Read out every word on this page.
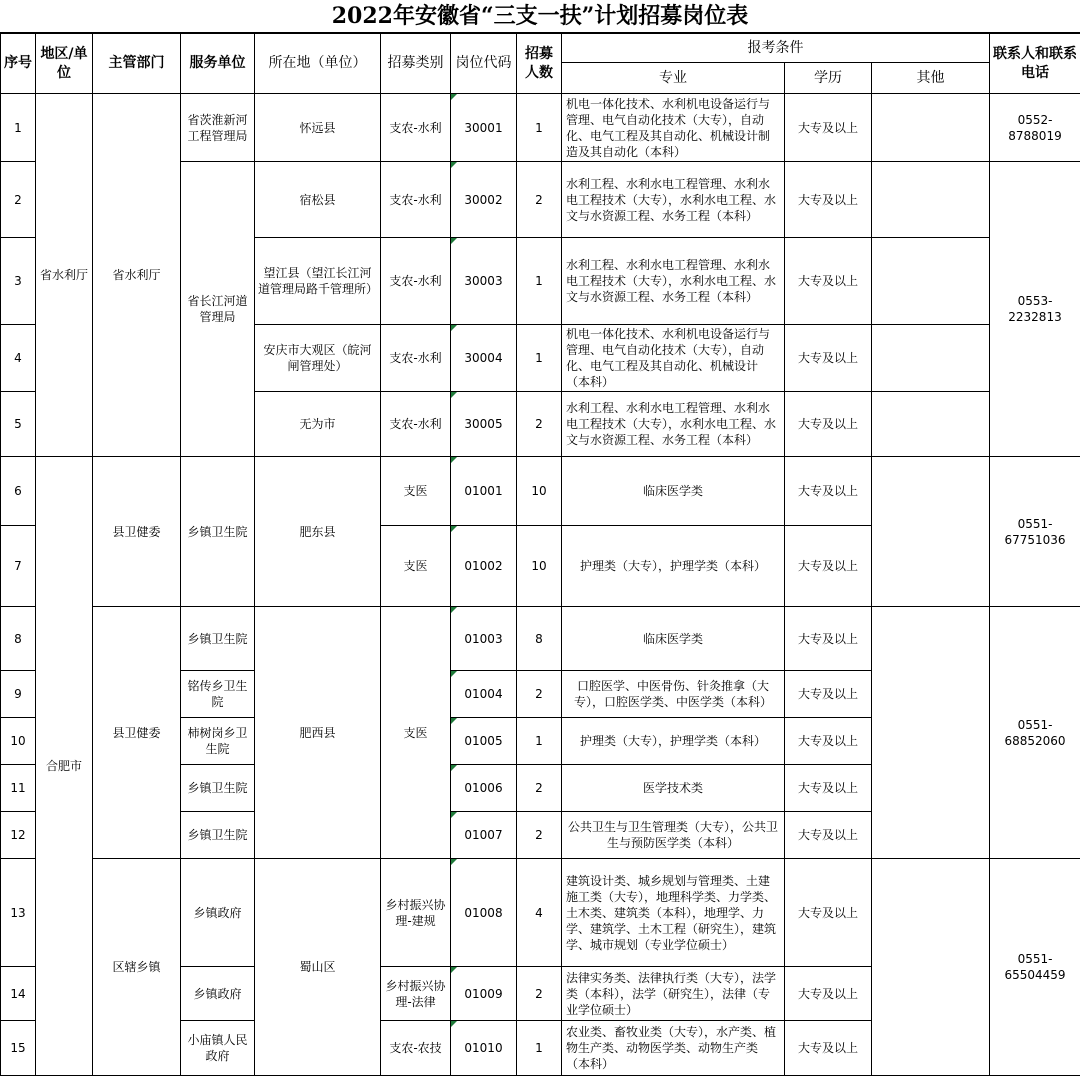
2022年安徽省“三支一扶”计划招募岗位表
序号	地区/单位	主管部门	服务单位	所在地（单位）	招募类别	岗位代码	招募人数	报考条件			联系人和联系电话
								专业	学历	其他	
1	省水利厅	省水利厅	省茨淮新河工程管理局	怀远县	支农-水利	30001	1	机电一体化技术、水利机电设备运行与管理、电气自动化技术（大专），自动化、电气工程及其自动化、机械设计制造及其自动化（本科）	大专及以上		0552-8788019
2			省长江河道管理局	宿松县	支农-水利	30002	2	水利工程、水利水电工程管理、水利水电工程技术（大专），水利水电工程、水文与水资源工程、水务工程（本科）	大专及以上		0553-2232813
3				望江县（望江长江河道管理局路千管理所）	支农-水利	30003	1	水利工程、水利水电工程管理、水利水电工程技术（大专），水利水电工程、水文与水资源工程、水务工程（本科）	大专及以上		
4				安庆市大观区（皖河闸管理处）	支农-水利	30004	1	机电一体化技术、水利机电设备运行与管理、电气自动化技术（大专），自动化、电气工程及其自动化、机械设计（本科）	大专及以上		
5				无为市	支农-水利	30005	2	水利工程、水利水电工程管理、水利水电工程技术（大专），水利水电工程、水文与水资源工程、水务工程（本科）	大专及以上		
6	合肥市	县卫健委	乡镇卫生院	肥东县	支医	01001	10	临床医学类	大专及以上		0551-67751036
7					支医	01002	10	护理类（大专），护理学类（本科）	大专及以上		
8		县卫健委	乡镇卫生院	肥西县	支医	01003	8	临床医学类	大专及以上		0551-68852060
9			铭传乡卫生院			01004	2	口腔医学、中医骨伤、针灸推拿（大专），口腔医学类、中医学类（本科）	大专及以上		
10			柿树岗乡卫生院			01005	1	护理类（大专），护理学类（本科）	大专及以上		
11			乡镇卫生院			01006	2	医学技术类	大专及以上		
12			乡镇卫生院			01007	2	公共卫生与卫生管理类（大专），公共卫生与预防医学类（本科）	大专及以上		
13		区辖乡镇	乡镇政府	蜀山区	乡村振兴协理-建规	01008	4	建筑设计类、城乡规划与管理类、土建施工类（大专），地理科学类、力学类、土木类、建筑类（本科），地理学、力学、建筑学、土木工程（研究生），建筑学、城市规划（专业学位硕士）	大专及以上		0551-65504459
14			乡镇政府		乡村振兴协理-法律	01009	2	法律实务类、法律执行类（大专），法学类（本科），法学（研究生），法律（专业学位硕士）	大专及以上		
15			小庙镇人民政府		支农-农技	01010	1	农业类、畜牧业类（大专），水产类、植物生产类、动物医学类、动物生产类（本科）	大专及以上		
